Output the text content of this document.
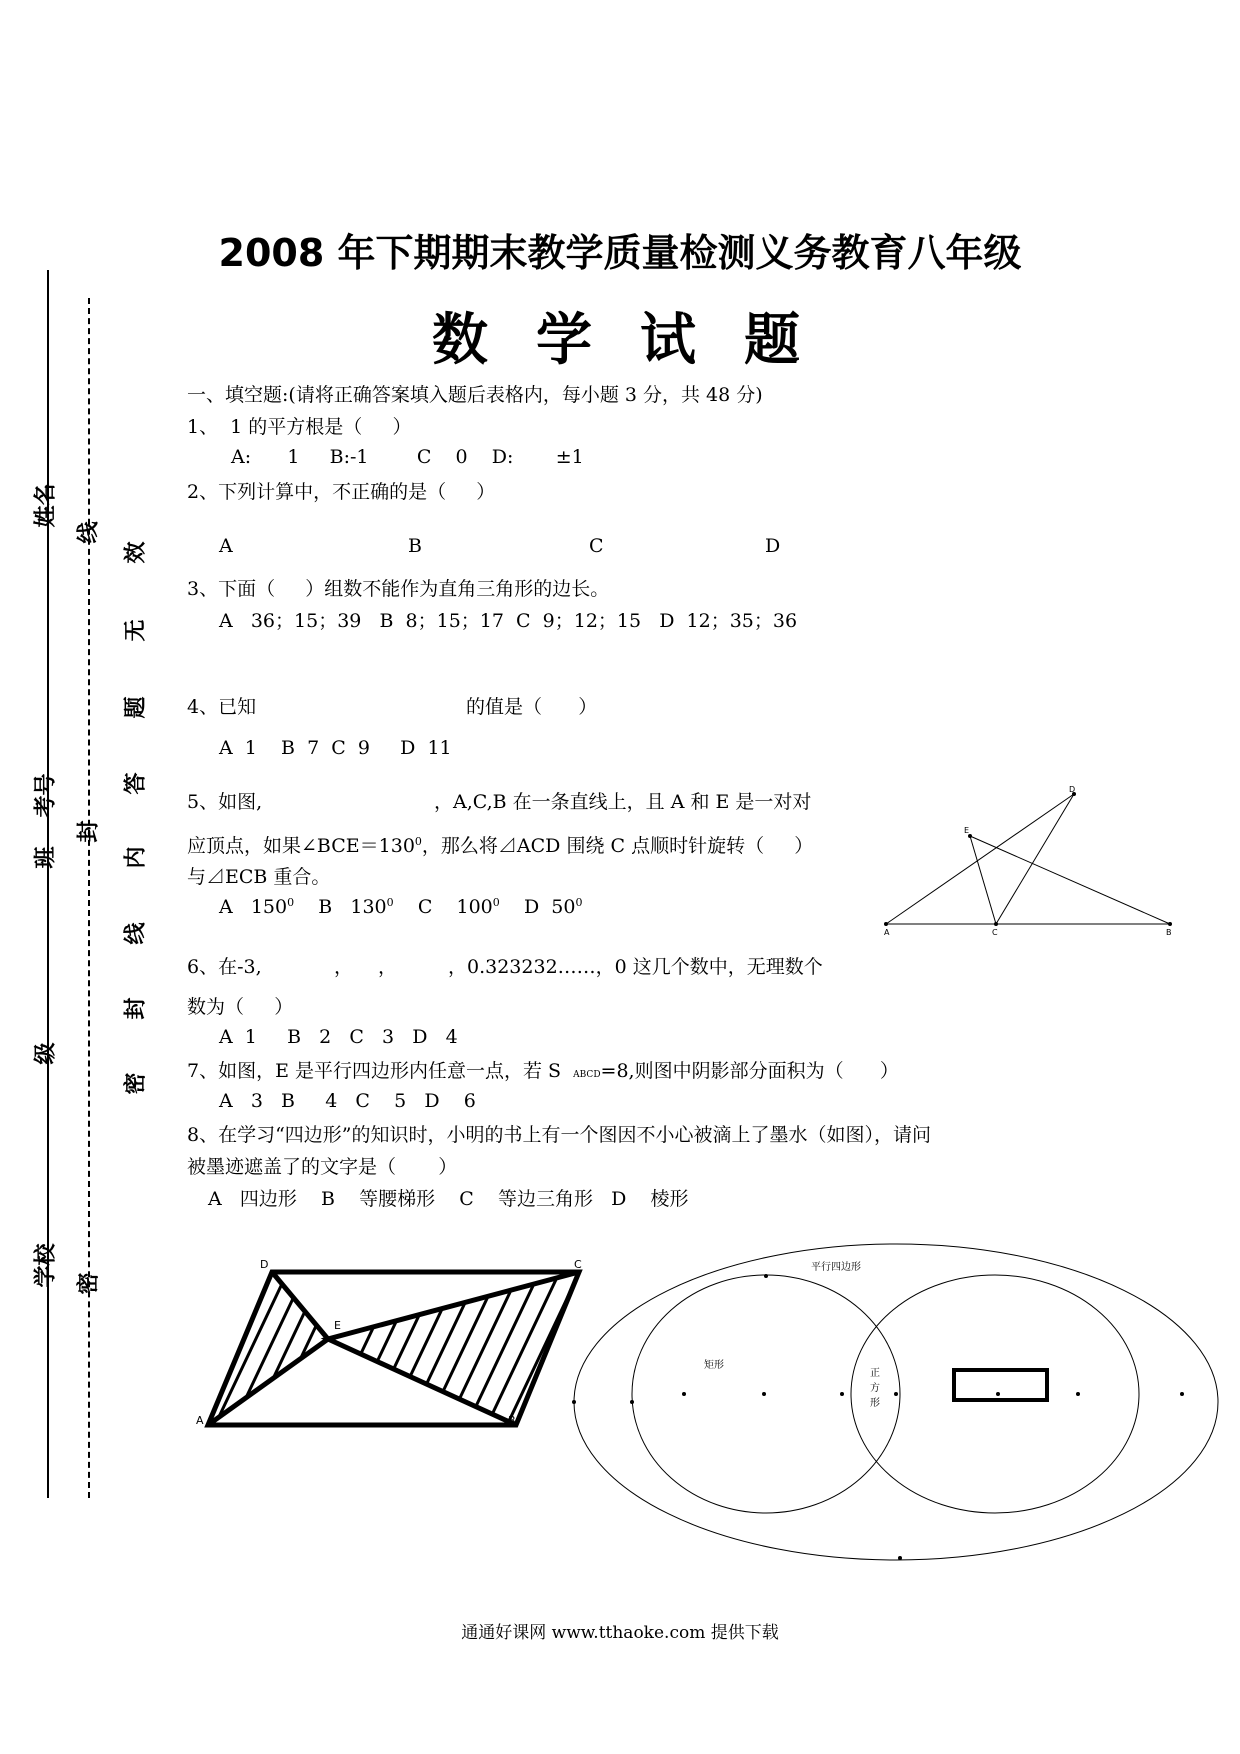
姓名
考号
班
级
学校
线
封
密
效
无
题
答
内
线
封
密
2008 年下期期末教学质量检测义务教育八年级
数学试题
一、填空题:(请将正确答案填入题后表格内，每小题 3 分，共 48 分)
1、  1 的平方根是（     ）
A:      1     B:-1        C    0    D:       ±1
2、下列计算中，不正确的是（     ）
A	B	C	D
3、下面（     ）组数不能作为直角三角形的边长。
A   36；15；39   B  8；15；17  C  9；12；15   D  12；35；36
4、已知	的值是（      ）
A  1    B  7  C  9     D  11
5、如图,	，A,C,B 在一条直线上，且 A 和 E 是一对对
应顶点，如果$\angle BCE=130^0$，那么将⊿ACD 围绕 C 点顺时针旋转（     ）
与⊿ECB 重合。
A   $150^0$ B   $130^0$ C    $100^0$ D  $50^0$
6、在-3,	， ，	，0.323232……，0 这几个数中，无理数个
数为（     ）
A  1     B   2   C   3   D   4
7、如图，E 是平行四边形内任意一点，若 S ABCD=8,则图中阴影部分面积为（      ）
A   3   B     4   C    5   D    6
8、在学习“四边形”的知识时，小明的书上有一个图因不小心被滴上了墨水（如图），请问
被墨迹遮盖了的文字是（       ）
A   四边形    B    等腰梯形    C    等边三角形   D    棱形
A	C	B
D
E
D	C
E
A	B
平行四边形
矩形
正
方
形
通通好课网 www.tthaoke.com 提供下载
